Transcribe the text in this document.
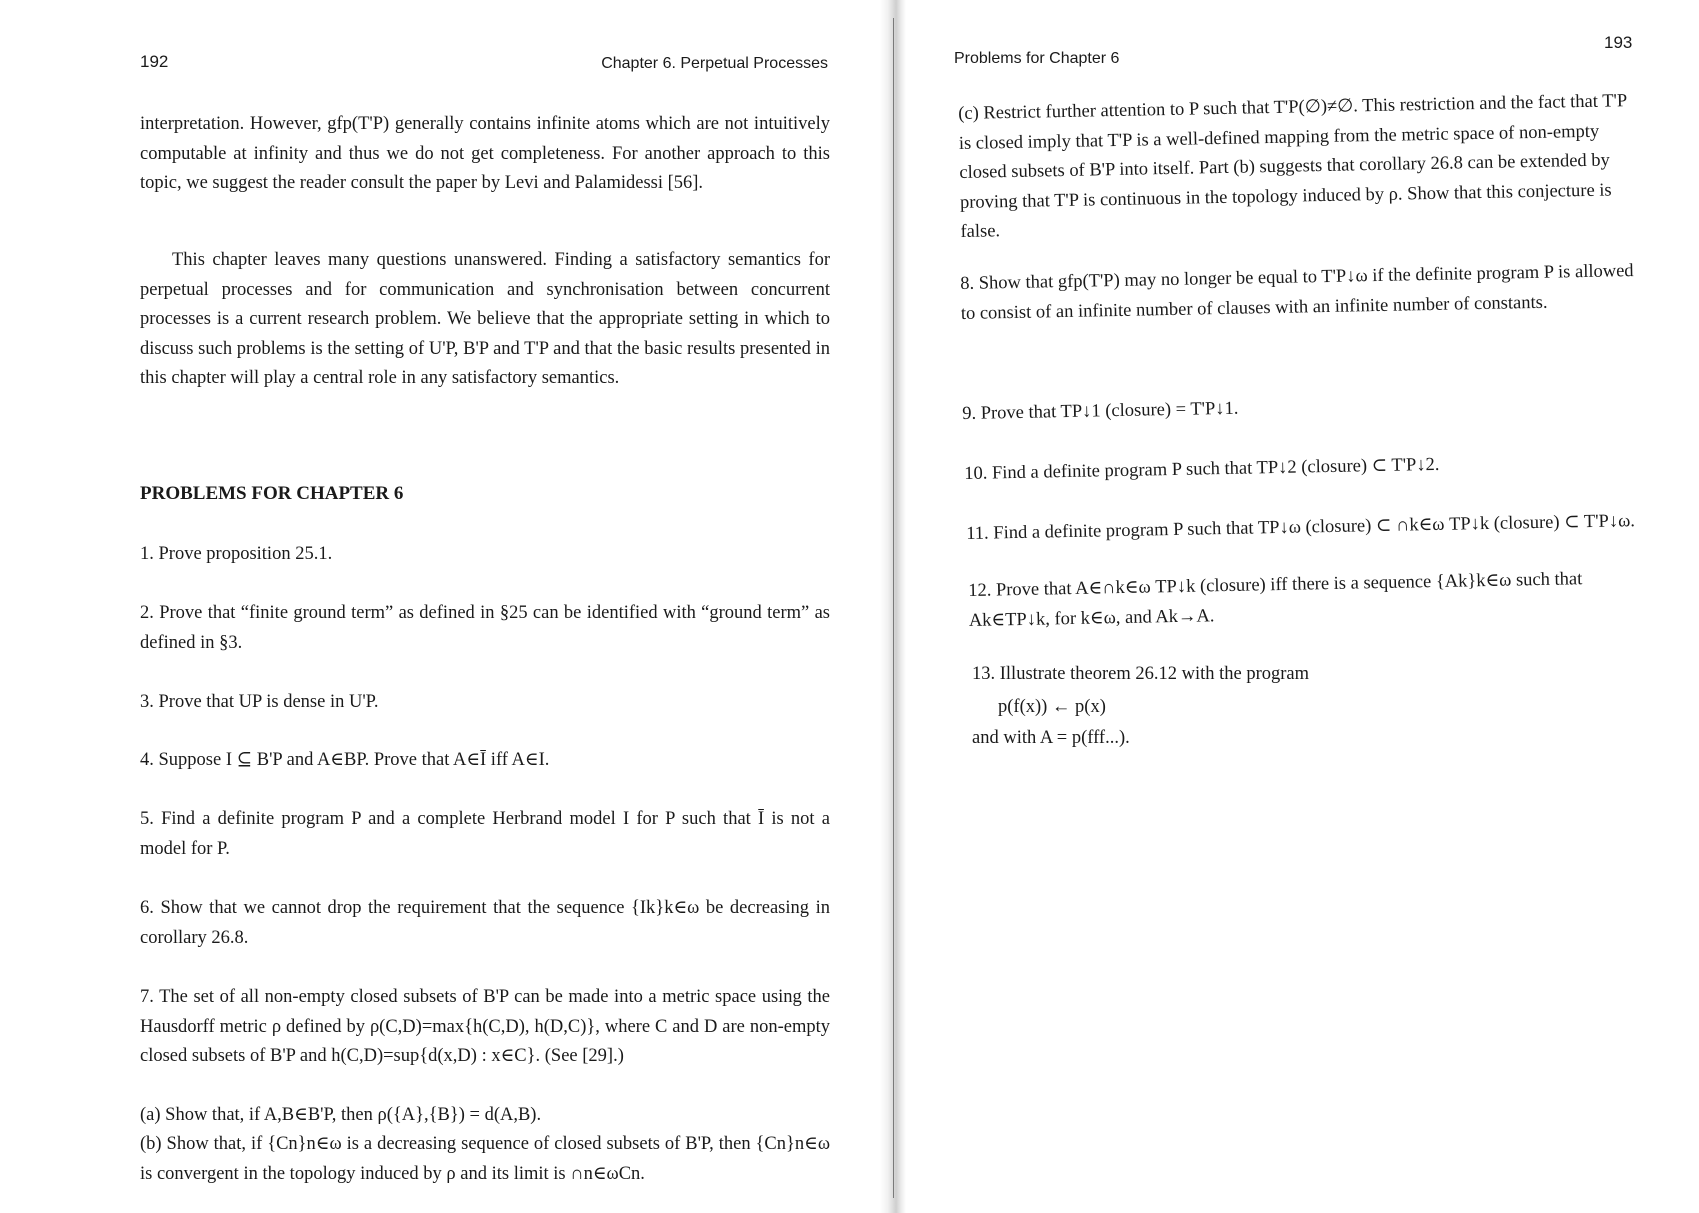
192	Chapter 6. Perpetual Processes
interpretation. However, gfp(T'P) generally contains infinite atoms which are not intuitively computable at infinity and thus we do not get completeness. For another approach to this topic, we suggest the reader consult the paper by Levi and Palamidessi [56].
This chapter leaves many questions unanswered. Finding a satisfactory semantics for perpetual processes and for communication and synchronisation between concurrent processes is a current research problem. We believe that the appropriate setting in which to discuss such problems is the setting of U'P, B'P and T'P and that the basic results presented in this chapter will play a central role in any satisfactory semantics.
PROBLEMS FOR CHAPTER 6
1. Prove proposition 25.1.
2. Prove that “finite ground term” as defined in §25 can be identified with “ground term” as defined in §3.
3. Prove that UP is dense in U'P.
4. Suppose I ⊆ B'P and A∈BP. Prove that A∈Ī iff A∈I.
5. Find a definite program P and a complete Herbrand model I for P such that Ī is not a model for P.
6. Show that we cannot drop the requirement that the sequence {Ik}k∈ω be decreasing in corollary 26.8.
7. The set of all non-empty closed subsets of B'P can be made into a metric space using the Hausdorff metric ρ defined by ρ(C,D)=max{h(C,D), h(D,C)}, where C and D are non-empty closed subsets of B'P and h(C,D)=sup{d(x,D) : x∈C}. (See [29].)
(a) Show that, if A,B∈B'P, then ρ({A},{B}) = d(A,B).
(b) Show that, if {Cn}n∈ω is a decreasing sequence of closed subsets of B'P, then {Cn}n∈ω is convergent in the topology induced by ρ and its limit is ∩n∈ωCn.
193
Problems for Chapter 6
(c) Restrict further attention to P such that T'P(∅)≠∅. This restriction and the fact that T'P is closed imply that T'P is a well-defined mapping from the metric space of non-empty closed subsets of B'P into itself. Part (b) suggests that corollary 26.8 can be extended by proving that T'P is continuous in the topology induced by ρ. Show that this conjecture is false.
8. Show that gfp(T'P) may no longer be equal to T'P↓ω if the definite program P is allowed to consist of an infinite number of clauses with an infinite number of constants.
9. Prove that TP↓1 (closure) = T'P↓1.
10. Find a definite program P such that TP↓2 (closure) ⊂ T'P↓2.
11. Find a definite program P such that TP↓ω (closure) ⊂ ∩k∈ω TP↓k (closure) ⊂ T'P↓ω.
12. Prove that A∈∩k∈ω TP↓k (closure) iff there is a sequence {Ak}k∈ω such that Ak∈TP↓k, for k∈ω, and Ak→A.
13. Illustrate theorem 26.12 with the program
p(f(x)) ← p(x)
and with A = p(fff...).
